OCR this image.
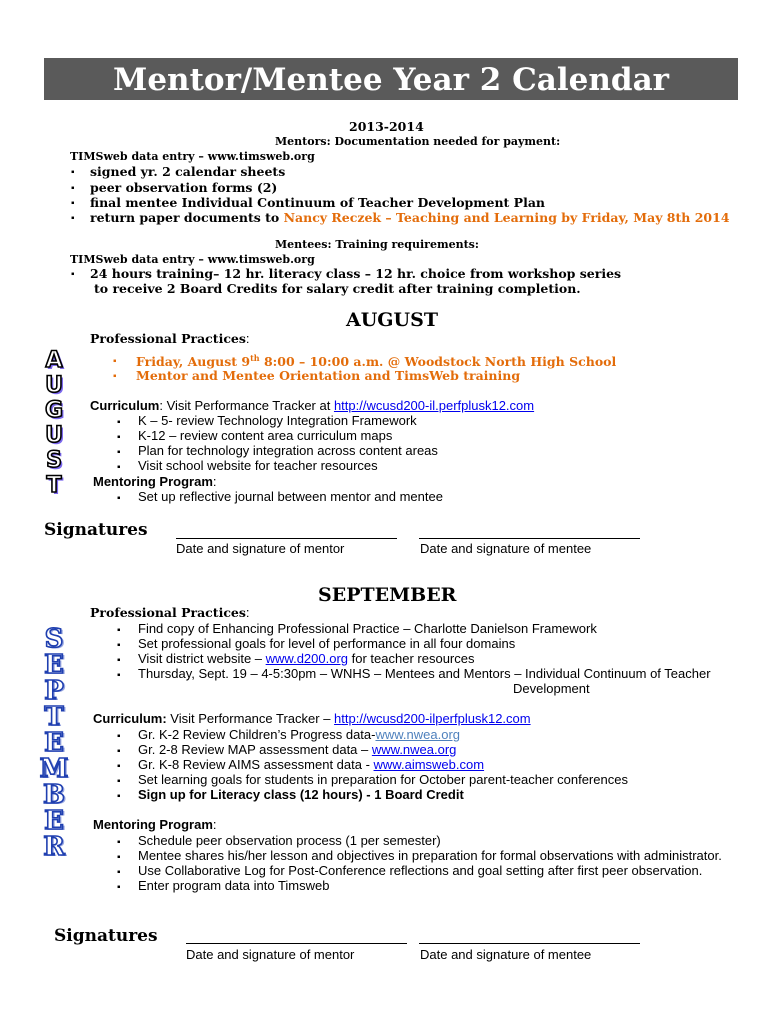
Mentor/Mentee Year 2 Calendar
2013-2014
Mentors: Documentation needed for payment:
TIMSweb data entry – www.timsweb.org
▪ signed yr. 2 calendar sheets
▪ peer observation forms (2)
▪ final mentee Individual Continuum of Teacher Development Plan
▪ return paper documents to Nancy Reczek – Teaching and Learning by Friday, May 8th 2014
Mentees: Training requirements:
TIMSweb data entry – www.timsweb.org
▪ 24 hours training– 12 hr. literacy class – 12 hr. choice from workshop series
to receive 2 Board Credits for salary credit after training completion.
AUGUST
A
U
G
U
S
T
Professional Practices:
▪ Friday, August 9th 8:00 – 10:00 a.m. @ Woodstock North High School
▪ Mentor and Mentee Orientation and TimsWeb training
Curriculum: Visit Performance Tracker at http://wcusd200-il.perfplusk12.com
▪ K – 5- review Technology Integration Framework
▪ K-12 – review content area curriculum maps
▪ Plan for technology integration across content areas
▪ Visit school website for teacher resources
Mentoring Program:
▪ Set up reflective journal between mentor and mentee
Signatures
Date and signature of mentor	Date and signature of mentee
SEPTEMBER
S
E
P
T
E
M
B
E
R
Professional Practices:
▪ Find copy of Enhancing Professional Practice – Charlotte Danielson Framework
▪ Set professional goals for level of performance in all four domains
▪ Visit district website – www.d200.org for teacher resources
▪ Thursday, Sept. 19 – 4-5:30pm – WNHS – Mentees and Mentors – Individual Continuum of Teacher
Development
Curriculum: Visit Performance Tracker – http://wcusd200-ilperfplusk12.com
▪ Gr. K-2 Review Children’s Progress data-www.nwea.org
▪ Gr. 2-8 Review MAP assessment data – www.nwea.org
▪ Gr. K-8 Review AIMS assessment data - www.aimsweb.com
▪ Set learning goals for students in preparation for October parent-teacher conferences
▪ Sign up for Literacy class (12 hours) - 1 Board Credit
Mentoring Program:
▪ Schedule peer observation process (1 per semester)
▪ Mentee shares his/her lesson and objectives in preparation for formal observations with administrator.
▪ Use Collaborative Log for Post-Conference reflections and goal setting after first peer observation.
▪ Enter program data into Timsweb
Signatures
Date and signature of mentor	Date and signature of mentee
